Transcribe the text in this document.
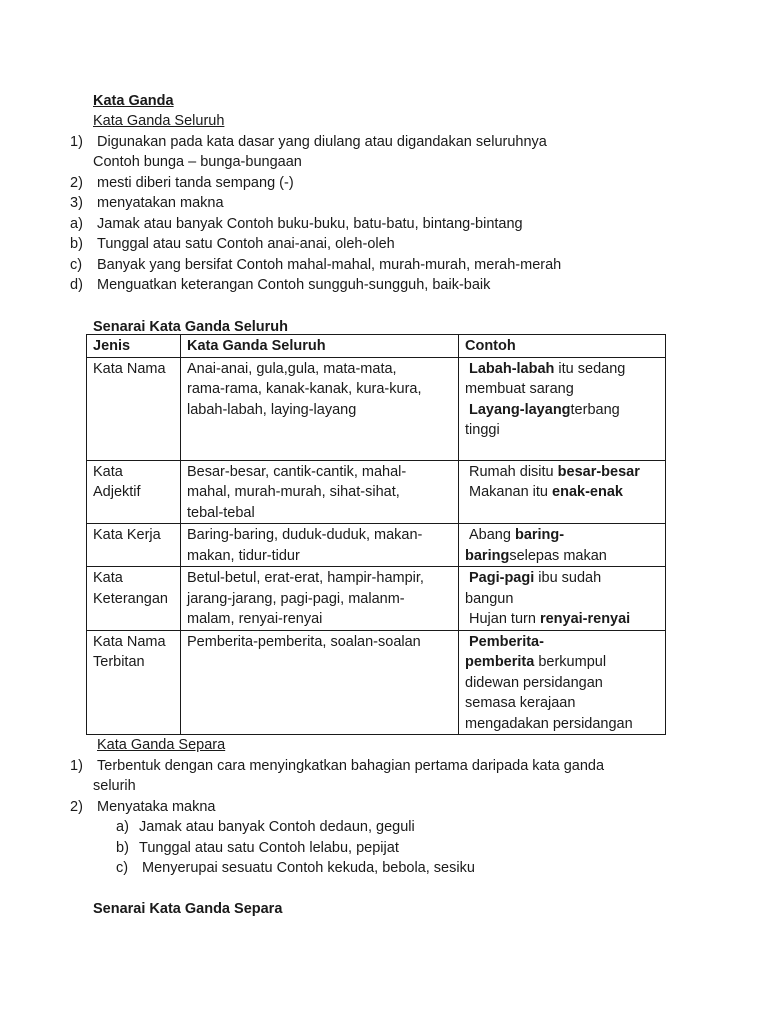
Kata Ganda
Kata Ganda Seluruh
1) Digunakan pada kata dasar yang diulang atau digandakan seluruhnya
Contoh bunga – bunga-bungaan
2) mesti diberi tanda sempang (-)
3) menyatakan makna
a) Jamak atau banyak Contoh buku-buku, batu-batu, bintang-bintang
b) Tunggal atau satu Contoh anai-anai, oleh-oleh
c) Banyak yang bersifat Contoh mahal-mahal, murah-murah, merah-merah
d) Menguatkan keterangan Contoh sungguh-sungguh, baik-baik
Senarai Kata Ganda Seluruh
Jenis	Kata Ganda Seluruh	Contoh

Kata Nama	Anai-anai, gula,gula, mata-mata,
rama-rama, kanak-kanak, kura-kura,
labah-labah, laying-layang	Labah-labah itu sedang
membuat sarang
Layang-layangterbang
tinggi

Kata
Adjektif	Besar-besar, cantik-cantik, mahal-
mahal, murah-murah, sihat-sihat,
tebal-tebal	Rumah disitu besar-besar
Makanan itu enak-enak

Kata Kerja	Baring-baring, duduk-duduk, makan-
makan, tidur-tidur	Abang baring-
baringselepas makan

Kata
Keterangan	Betul-betul, erat-erat, hampir-hampir,
jarang-jarang, pagi-pagi, malanm-
malam, renyai-renyai	Pagi-pagi ibu sudah
bangun
Hujan turn renyai-renyai

Kata Nama
Terbitan	Pemberita-pemberita, soalan-soalan	Pemberita-
pemberita berkumpul
didewan persidangan
semasa kerajaan
mengadakan persidangan
Kata Ganda Separa
1) Terbentuk dengan cara menyingkatkan bahagian pertama daripada kata ganda
selurih
2) Menyataka makna
a) Jamak atau banyak Contoh dedaun, geguli
b) Tunggal atau satu Contoh lelabu, pepijat
c) Menyerupai sesuatu Contoh kekuda, bebola, sesiku
Senarai Kata Ganda Separa
